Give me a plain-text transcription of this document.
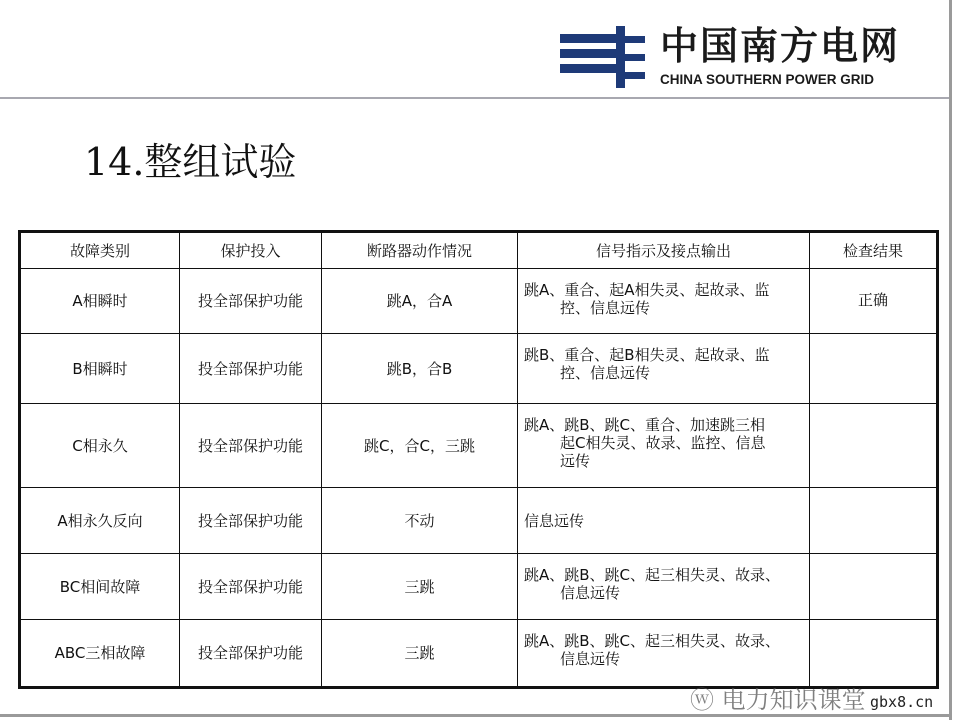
中国南方电网
CHINA SOUTHERN POWER GRID
14.整组试验
故障类别	保护投入	断路器动作情况	信号指示及接点输出	检查结果
A相瞬时	投全部保护功能	跳A，合A	跳A、重合、起A相失灵、起故录、监
控、信息远传	正确
B相瞬时	投全部保护功能	跳B，合B	跳B、重合、起B相失灵、起故录、监
控、信息远传	

C相永久	投全部保护功能	跳C，合C，三跳	跳A、跳B、跳C、重合、加速跳三相
起C相失灵、故录、监控、信息
远传	

A相永久反向	投全部保护功能	不动	信息远传	
BC相间故障	投全部保护功能	三跳	跳A、跳B、跳C、起三相失灵、故录、
信息远传	

ABC三相故障	投全部保护功能	三跳	跳A、跳B、跳C、起三相失灵、故录、
信息远传	

ⓦ 电力知识课堂 gbx8.cn
